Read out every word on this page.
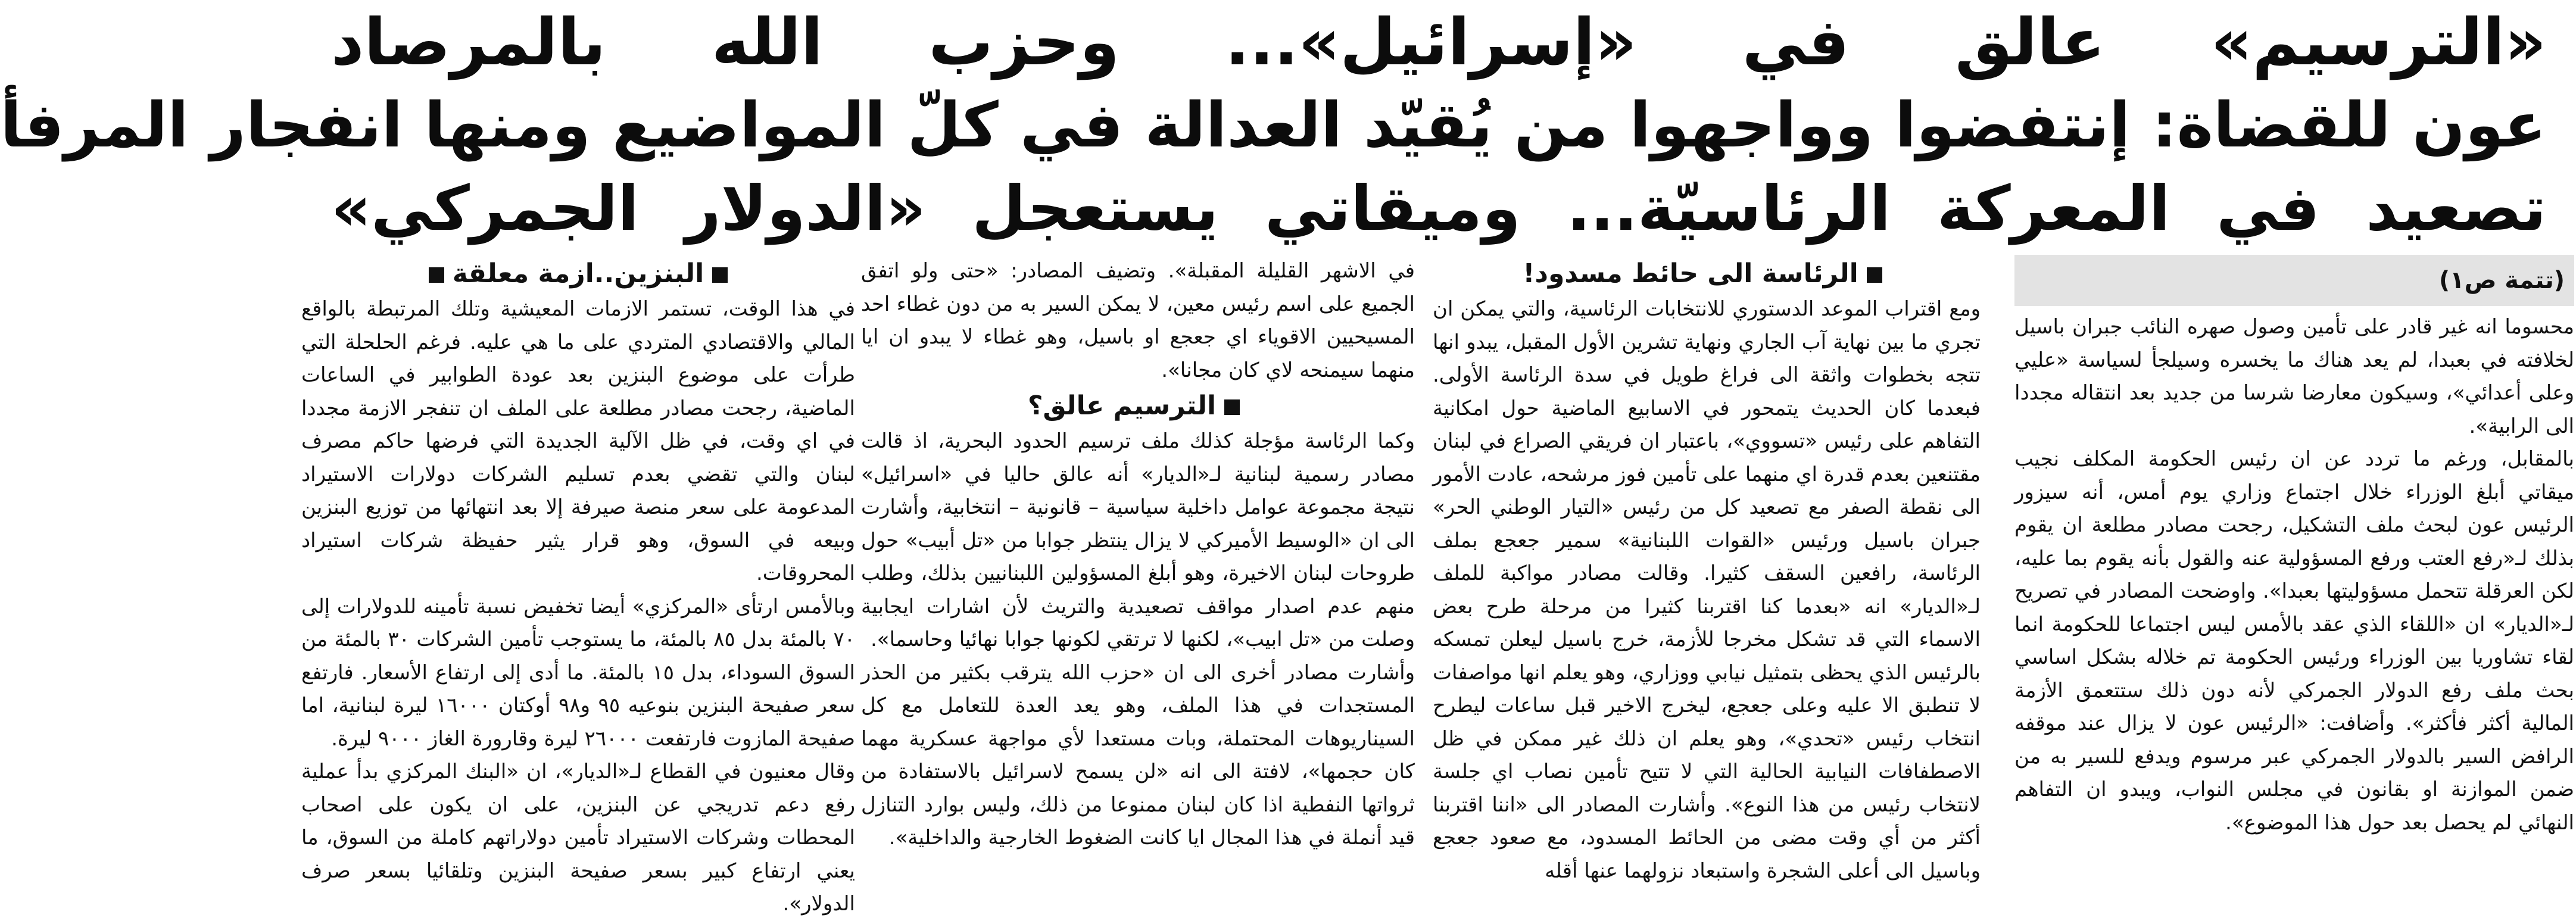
«الترسيم» عالق في «إسرائيل»... وحزب الله بالمرصاد
عون للقضاة: إنتفضوا وواجهوا من يُقيّد العدالة في كلّ المواضيع ومنها انفجار المرفأ
تصعيد في المعركة الرئاسيّة... وميقاتي يستعجل «الدولار الجمركي»
(تتمة ص١)

محسوما انه غير قادر على تأمين وصول صهره النائب جبران باسيل لخلافته في بعبدا، لم يعد هناك ما يخسره وسيلجأ لسياسة «عليي وعلى أعدائي»، وسيكون معارضا شرسا من جديد بعد انتقاله مجددا الى الرابية».

بالمقابل، ورغم ما تردد عن ان رئيس الحكومة المكلف نجيب ميقاتي أبلغ الوزراء خلال اجتماع وزاري يوم أمس، أنه سيزور الرئيس عون لبحث ملف التشكيل، رجحت مصادر مطلعة ان يقوم بذلك لـ«رفع العتب ورفع المسؤولية عنه والقول بأنه يقوم بما عليه، لكن العرقلة تتحمل مسؤوليتها بعبدا». واوضحت المصادر في تصريح لـ«الديار» ان «اللقاء الذي عقد بالأمس ليس اجتماعا للحكومة انما لقاء تشاوريا بين الوزراء ورئيس الحكومة تم خلاله بشكل اساسي بحث ملف رفع الدولار الجمركي لأنه دون ذلك ستتعمق الأزمة المالية أكثر فأكثر». وأضافت: «الرئيس عون لا يزال عند موقفه الرافض السير بالدولار الجمركي عبر مرسوم ويدفع للسير به من ضمن الموازنة او بقانون في مجلس النواب، ويبدو ان التفاهم النهائي لم يحصل بعد حول هذا الموضوع».

الرئاسة الى حائط مسدود!

ومع اقتراب الموعد الدستوري للانتخابات الرئاسية، والتي يمكن ان تجري ما بين نهاية آب الجاري ونهاية تشرين الأول المقبل، يبدو انها تتجه بخطوات واثقة الى فراغ طويل في سدة الرئاسة الأولى. فبعدما كان الحديث يتمحور في الاسابيع الماضية حول امكانية التفاهم على رئيس «تسووي»، باعتبار ان فريقي الصراع في لبنان مقتنعين بعدم قدرة اي منهما على تأمين فوز مرشحه، عادت الأمور الى نقطة الصفر مع تصعيد كل من رئيس «التيار الوطني الحر» جبران باسيل ورئيس «القوات اللبنانية» سمير جعجع بملف الرئاسة، رافعين السقف كثيرا. وقالت مصادر مواكبة للملف لـ«الديار» انه «بعدما كنا اقتربنا كثيرا من مرحلة طرح بعض الاسماء التي قد تشكل مخرجا للأزمة، خرج باسيل ليعلن تمسكه بالرئيس الذي يحظى بتمثيل نيابي ووزاري، وهو يعلم انها مواصفات لا تنطبق الا عليه وعلى جعجع، ليخرج الاخير قبل ساعات ليطرح انتخاب رئيس «تحدي»، وهو يعلم ان ذلك غير ممكن في ظل الاصطفافات النيابية الحالية التي لا تتيح تأمين نصاب اي جلسة لانتخاب رئيس من هذا النوع». وأشارت المصادر الى «اننا اقتربنا أكثر من أي وقت مضى من الحائط المسدود، مع صعود جعجع وباسيل الى أعلى الشجرة واستبعاد نزولهما عنها أقله

في الاشهر القليلة المقبلة». وتضيف المصادر: «حتى ولو اتفق الجميع على اسم رئيس معين، لا يمكن السير به من دون غطاء احد المسيحيين الاقوياء اي جعجع او باسيل، وهو غطاء لا يبدو ان ايا منهما سيمنحه لاي كان مجانا».

الترسيم عالق؟

وكما الرئاسة مؤجلة كذلك ملف ترسيم الحدود البحرية، اذ قالت مصادر رسمية لبنانية لـ«الديار» أنه عالق حاليا في «اسرائيل» نتيجة مجموعة عوامل داخلية سياسية – قانونية – انتخابية، وأشارت الى ان «الوسيط الأميركي لا يزال ينتظر جوابا من «تل أبيب» حول طروحات لبنان الاخيرة، وهو أبلغ المسؤولين اللبنانيين بذلك، وطلب منهم عدم اصدار مواقف تصعيدية والتريث لأن اشارات ايجابية وصلت من «تل ابيب»، لكنها لا ترتقي لكونها جوابا نهائيا وحاسما».

وأشارت مصادر أخرى الى ان «حزب الله يترقب بكثير من الحذر المستجدات في هذا الملف، وهو يعد العدة للتعامل مع كل السيناريوهات المحتملة، وبات مستعدا لأي مواجهة عسكرية مهما كان حجمها»، لافتة الى انه «لن يسمح لاسرائيل بالاستفادة من ثرواتها النفطية اذا كان لبنان ممنوعا من ذلك، وليس بوارد التنازل قيد أنملة في هذا المجال ايا كانت الضغوط الخارجية والداخلية».

البنزين..ازمة معلقة

في هذا الوقت، تستمر الازمات المعيشية وتلك المرتبطة بالواقع المالي والاقتصادي المتردي على ما هي عليه. فرغم الحلحلة التي طرأت على موضوع البنزين بعد عودة الطوابير في الساعات الماضية، رجحت مصادر مطلعة على الملف ان تنفجر الازمة مجددا في اي وقت، في ظل الآلية الجديدة التي فرضها حاكم مصرف لبنان والتي تقضي بعدم تسليم الشركات دولارات الاستيراد المدعومة على سعر منصة صيرفة إلا بعد انتهائها من توزيع البنزين وبيعه في السوق، وهو قرار يثير حفيظة شركات استيراد المحروقات.

وبالأمس ارتأى «المركزي» أيضا تخفيض نسبة تأمينه للدولارات إلى ٧٠ بالمئة بدل ٨٥ بالمئة، ما يستوجب تأمين الشركات ٣٠ بالمئة من السوق السوداء، بدل ١٥ بالمئة. ما أدى إلى ارتفاع الأسعار. فارتفع سعر صفيحة البنزين بنوعيه ٩٥ و٩٨ أوكتان ١٦٠٠٠ ليرة لبنانية، اما صفيحة المازوت فارتفعت ٢٦٠٠٠ ليرة وقارورة الغاز ٩٠٠٠ ليرة.

وقال معنيون في القطاع لـ«الديار»، ان «البنك المركزي بدأ عملية رفع دعم تدريجي عن البنزين، على ان يكون على اصحاب المحطات وشركات الاستيراد تأمين دولاراتهم كاملة من السوق، ما يعني ارتفاع كبير بسعر صفيحة البنزين وتلقائيا بسعر صرف الدولار».
